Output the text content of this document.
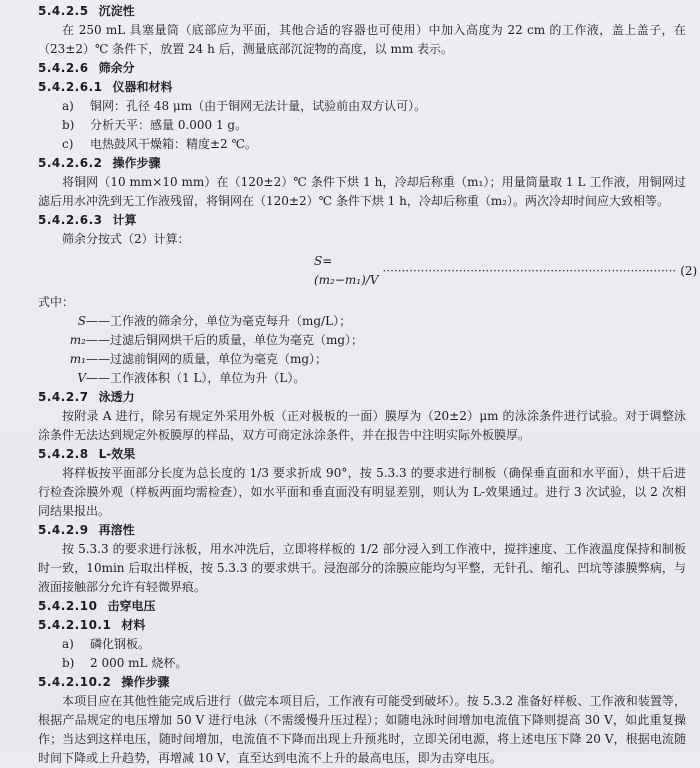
5.4.2.5 沉淀性

在 250 mL 具塞量筒（底部应为平面，其他合适的容器也可使用）中加入高度为 22 cm 的工作液，盖上盖子，在（23±2）℃ 条件下，放置 24 h 后，测量底部沉淀物的高度，以 mm 表示。

5.4.2.6 筛余分
5.4.2.6.1 仪器和材料
a)	铜网：孔径 48 μm（由于铜网无法计量，试验前由双方认可）。
b)	分析天平：感量 0.000 1 g。
c)	电热鼓风干燥箱：精度±2 ℃。
5.4.2.6.2 操作步骤

将铜网（10 mm×10 mm）在（120±2）℃ 条件下烘 1 h，冷却后称重（m₁）；用量筒量取 1 L 工作液，用铜网过滤后用水冲洗到无工作液残留，将铜网在（120±2）℃ 条件下烘 1 h，冷却后称重（m₂）。两次冷却时间应大致相等。

5.4.2.6.3 计算

筛余分按式（2）计算：

S=(m₂−m₁)/V
············································································· (2)

式中：

S ——工作液的筛余分，单位为毫克每升（mg/L）；
m₂ ——过滤后铜网烘干后的质量，单位为毫克（mg）；
m₁ ——过滤前铜网的质量，单位为毫克（mg）；
V ——工作液体积（1 L），单位为升（L）。
5.4.2.7 泳透力

按附录 A 进行，除另有规定外采用外板（正对极板的一面）膜厚为（20±2）μm 的泳涂条件进行试验。对于调整泳涂条件无法达到规定外板膜厚的样品，双方可商定泳涂条件，并在报告中注明实际外板膜厚。

5.4.2.8 L-效果

将样板按平面部分长度为总长度的 1/3 要求折成 90°，按 5.3.3 的要求进行制板（确保垂直面和水平面），烘干后进行检查涂膜外观（样板两面均需检查），如水平面和垂直面没有明显差别，则认为 L-效果通过。进行 3 次试验，以 2 次相同结果报出。

5.4.2.9 再溶性

按 5.3.3 的要求进行泳板，用水冲洗后，立即将样板的 1/2 部分浸入到工作液中，搅拌速度、工作液温度保持和制板时一致，10min 后取出样板，按 5.3.3 的要求烘干。浸泡部分的涂膜应能均匀平整，无针孔、缩孔、凹坑等漆膜弊病，与液面接触部分允许有轻微界痕。

5.4.2.10 击穿电压
5.4.2.10.1 材料
a)	磷化钢板。
b)	2 000 mL 烧杯。
5.4.2.10.2 操作步骤

本项目应在其他性能完成后进行（做完本项目后，工作液有可能受到破坏）。按 5.3.2 准备好样板、工作液和装置等，根据产品规定的电压增加 50 V 进行电泳（不需缓慢升压过程）；如随电泳时间增加电流值下降则提高 30 V，如此重复操作；当达到这样电压，随时间增加，电流值不下降而出现上升预兆时，立即关闭电源，将上述电压下降 20 V，根据电流随时间下降或上升趋势，再增减 10 V，直至达到电流不上升的最高电压，即为击穿电压。
